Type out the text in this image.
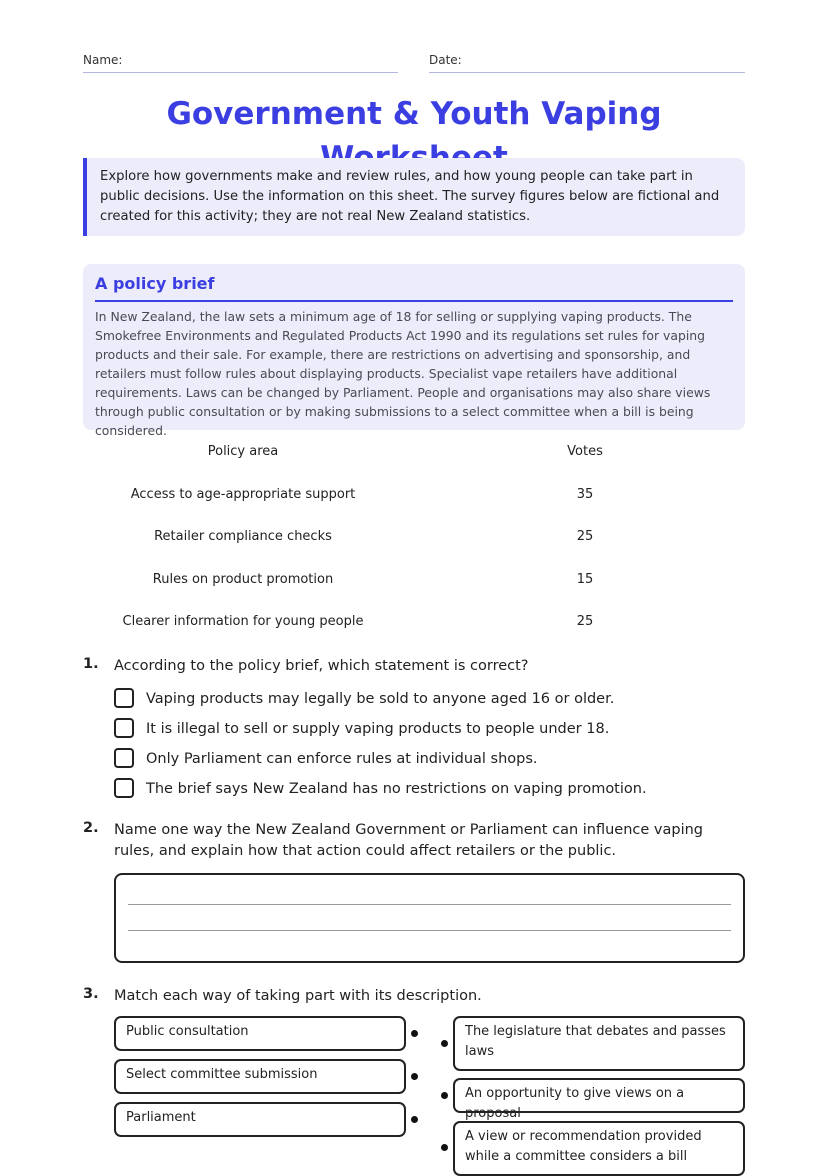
Name:	Date:
Government & Youth Vaping
Explore how governments make and review rules, and how young people can take part in public decisions. Use the information on this sheet. The survey figures below are fictional and created for this activity; they are not real New Zealand statistics.
A policy brief

In New Zealand, the law sets a minimum age of 18 for selling or supplying vaping products. The Smokefree Environments and Regulated Products Act 1990 and its regulations set rules for vaping products and their sale. For example, there are restrictions on advertising and sponsorship, and retailers must follow rules about displaying products. Specialist vape retailers have additional requirements. Laws can be changed by Parliament. People and organisations may also share views through public consultation or by making submissions to a select committee when a bill is being considered.

Policy area	Votes
Access to age-appropriate support	35
Retailer compliance checks	25
Rules on product promotion	15
Clearer information for young people	25
1. According to the policy brief, which statement is correct?
Vaping products may legally be sold to anyone aged 16 or older.
It is illegal to sell or supply vaping products to people under 18.
Only Parliament can enforce rules at individual shops.
The brief says New Zealand has no restrictions on vaping promotion.
2. Name one way the New Zealand Government or Parliament can influence vaping rules, and explain how that action could affect retailers or the public.
3. Match each way of taking part with its description.
Public consultation
Select committee submission
Parliament
The legislature that debates and passes laws
An opportunity to give views on a proposal
A view or recommendation provided while a committee considers a bill
